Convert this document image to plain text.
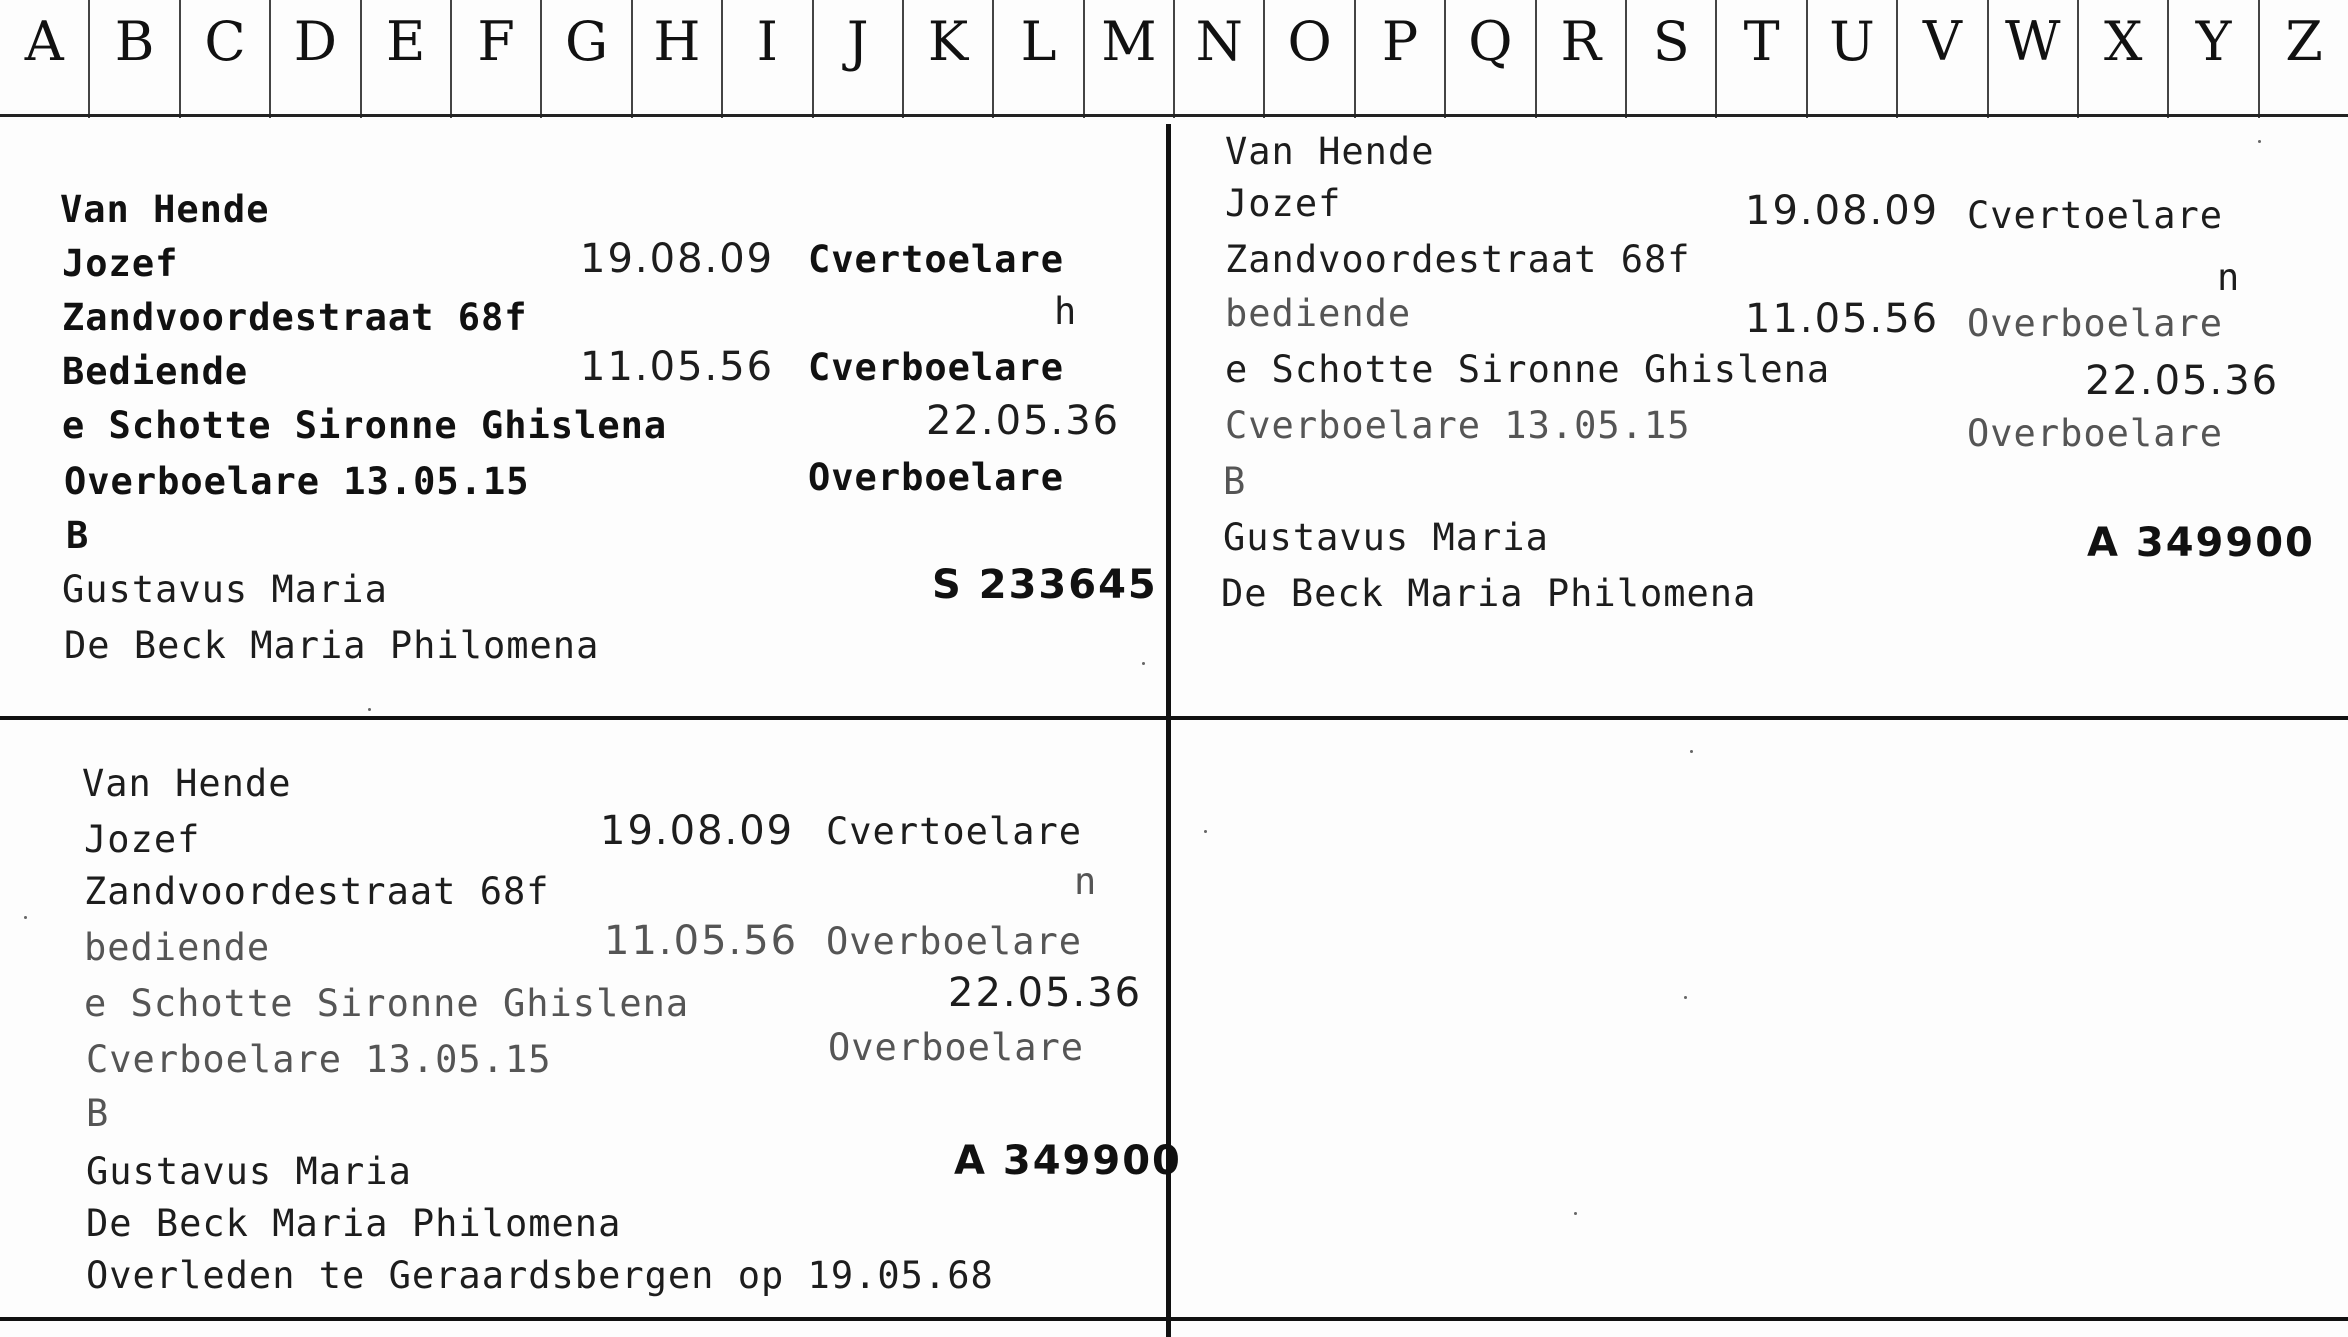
A B C D E F G H	I	J	K L M N O P Q R S T U V W X Y Z
Van Hende
Jozef	19.08.09 Cvertoelare
Zandvoordestraat 68f	h
Bediende	11.05.56 Cverboelare
e Schotte Sironne Ghislena	22.05.36
Overboelare 13.05.15	Overboelare
B
Gustavus Maria	S 233645
De Beck Maria Philomena
Van Hende
Jozef	19.08.09 Cvertoelare
Zandvoordestraat 68f	n
bediende	11.05.56 Overboelare
e Schotte Sironne Ghislena	22.05.36
Cverboelare 13.05.15	Overboelare
B
Gustavus Maria	A 349900
De Beck Maria Philomena
Van Hende
Jozef	19.08.09 Cvertoelare
Zandvoordestraat 68f	n
bediende	11.05.56 Overboelare
e Schotte Sironne Ghislena	22.05.36
Cverboelare 13.05.15	Overboelare
B
Gustavus Maria	A 349900
De Beck Maria Philomena
Overleden te Geraardsbergen op 19.05.68
